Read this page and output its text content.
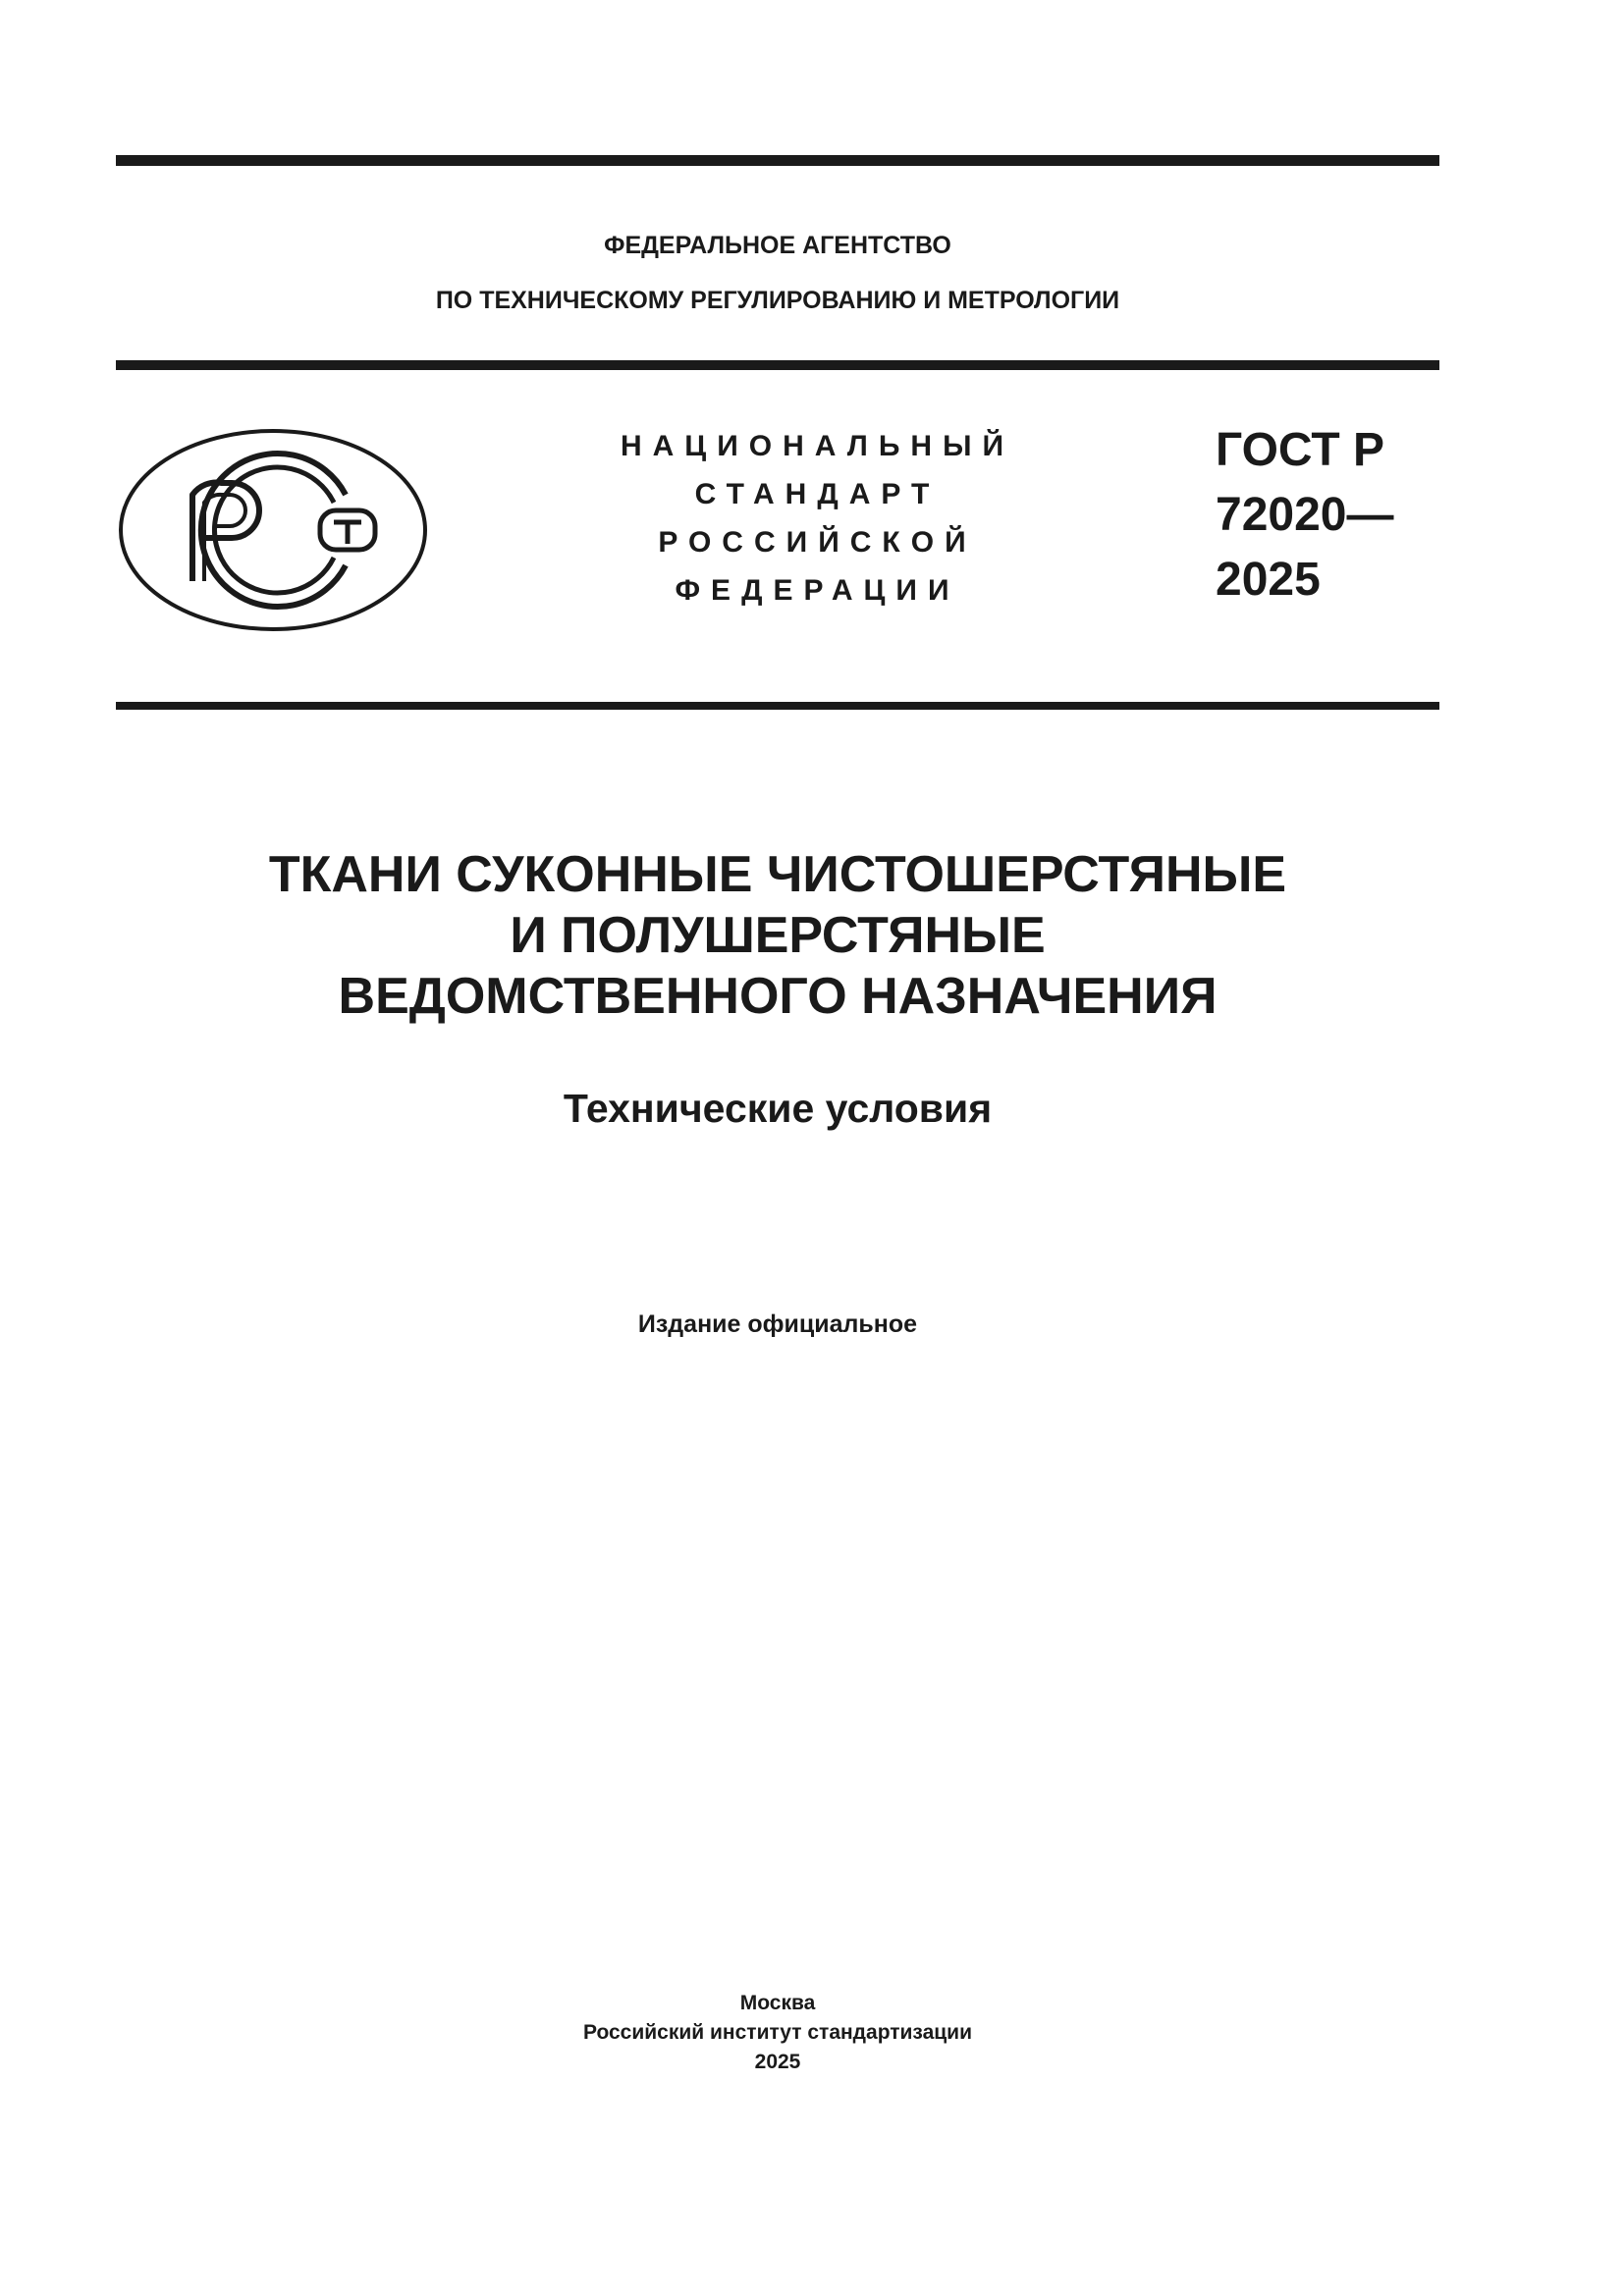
ФЕДЕРАЛЬНОЕ АГЕНТСТВО
ПО ТЕХНИЧЕСКОМУ РЕГУЛИРОВАНИЮ И МЕТРОЛОГИИ
НАЦИОНАЛЬНЫЙ
СТАНДАРТ
РОССИЙСКОЙ
ФЕДЕРАЦИИ
ГОСТ Р
72020—
2025
ТКАНИ СУКОННЫЕ ЧИСТОШЕРСТЯНЫЕ
И ПОЛУШЕРСТЯНЫЕ
ВЕДОМСТВЕННОГО НАЗНАЧЕНИЯ
Технические условия
Издание официальное
Москва
Российский институт стандартизации
2025
